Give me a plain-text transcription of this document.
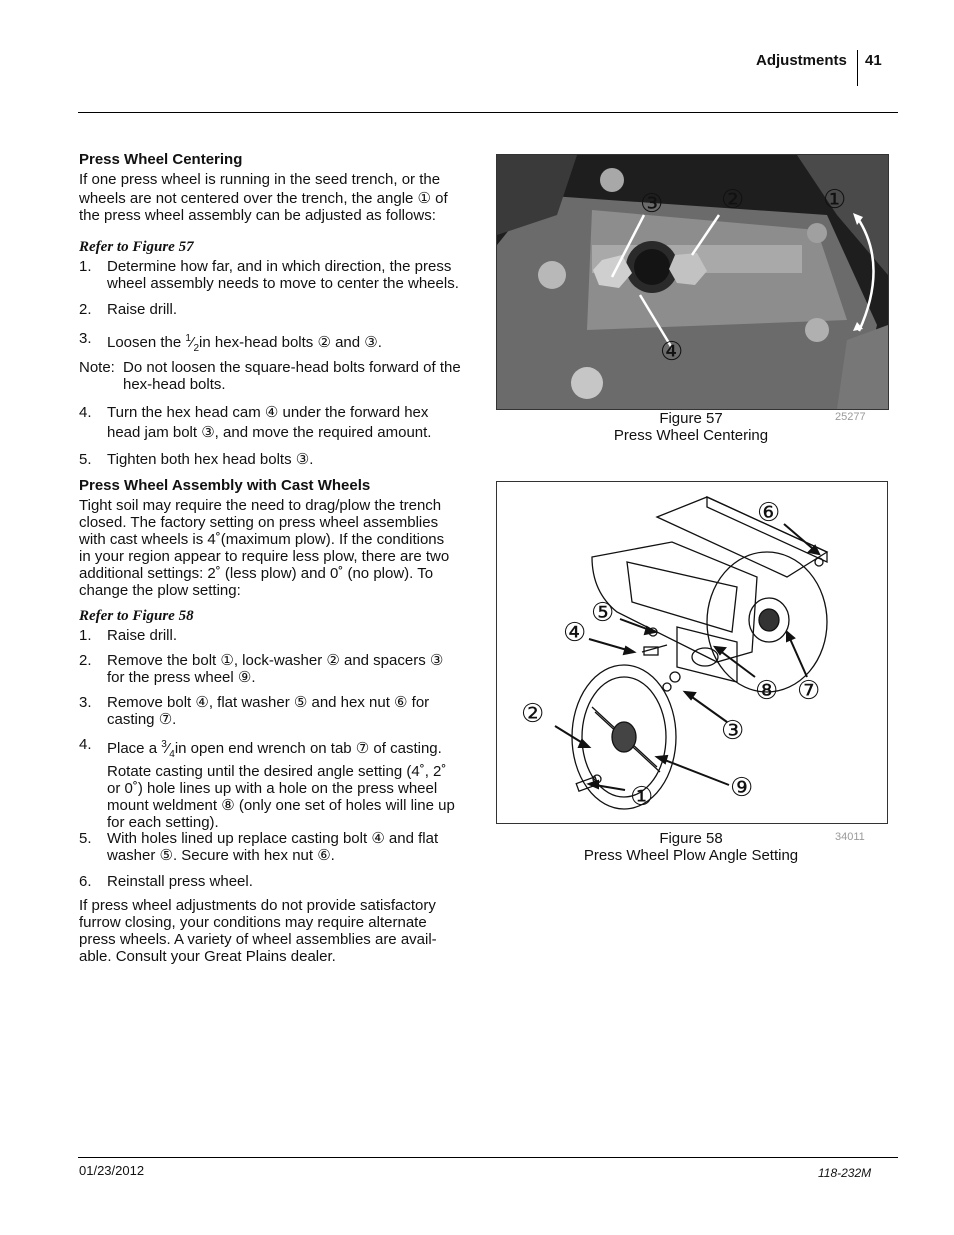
Adjustments 41
01/23/2012	118-232M
Press Wheel Centering
If one press wheel is running in the seed trench, or the
wheels are not centered over the trench, the angle ① of
the press wheel assembly can be adjusted as follows:
Refer to Figure 57
1. Determine how far, and in which direction, the press
wheel assembly needs to move to center the wheels.
2. Raise drill.
3. Loosen the $^1⁄_2in$ hex-head bolts ② and ③.
Note: Do not loosen the square-head bolts forward of the
hex-head bolts.
4. Turn the hex head cam ④ under the forward hex
head jam bolt ③, and move the required amount.
5. Tighten both hex head bolts ③.
Press Wheel Assembly with Cast Wheels
Tight soil may require the need to drag/plow the trench
closed. The factory setting on press wheel assemblies
with cast wheels is 4˚(maximum plow). If the conditions
in your region appear to require less plow, there are two
additional settings: 2˚ (less plow) and 0˚ (no plow). To
change the plow setting:
Refer to Figure 58
1. Raise drill.
2. Remove the bolt ①, lock-washer ② and spacers ③
for the press wheel ⑨.
3. Remove bolt ④, flat washer ⑤ and hex nut ⑥ for
casting ⑦.
4. Place a $^3⁄_4in$ open end wrench on tab ⑦ of casting.
Rotate casting until the desired angle setting (4˚, 2˚
or 0˚) hole lines up with a hole on the press wheel
mount weldment ⑧ (only one set of holes will line up
for each setting).
5. With holes lined up replace casting bolt ④ and flat
washer ⑤. Secure with hex nut ⑥.
6. Reinstall press wheel.
If press wheel adjustments do not provide satisfactory
furrow closing, your conditions may require alternate
press wheels. A variety of wheel assemblies are avail-
able. Consult your Great Plains dealer.
③ ②	①
④
Figure 57
Press Wheel Centering
25277
⑥
⑤
④
⑧ ⑦
②
③
⑨
①
Figure 58
Press Wheel Plow Angle Setting
34011
